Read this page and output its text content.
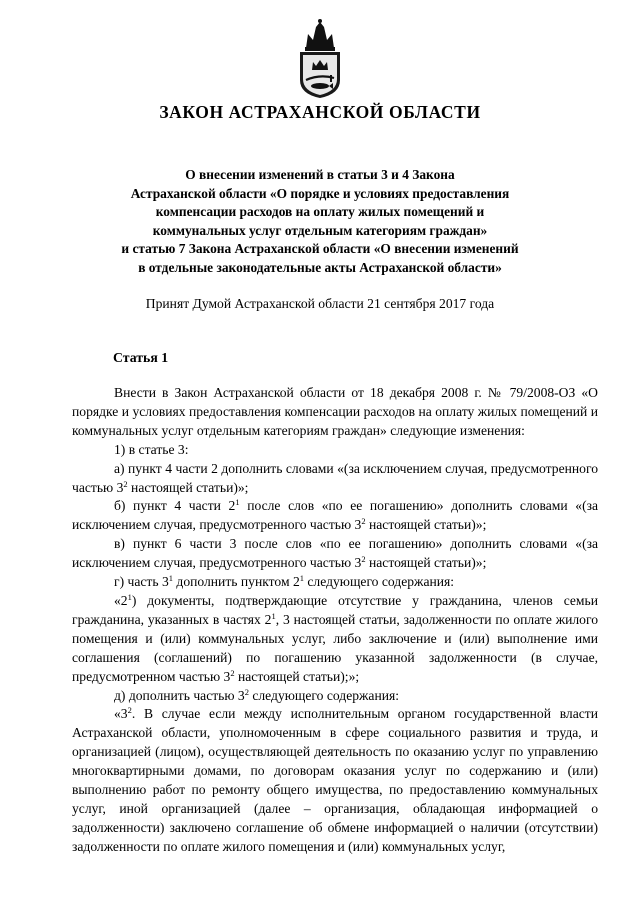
ЗАКОН АСТРАХАНСКОЙ ОБЛАСТИ
О внесении изменений в статьи 3 и 4 Закона
Астраханской области «О порядке и условиях предоставления
компенсации расходов на оплату жилых помещений и
коммунальных услуг отдельным категориям граждан»
и статью 7 Закона Астраханской области «О внесении изменений
в отдельные законодательные акты Астраханской области»
Принят Думой Астраханской области 21 сентября 2017 года
Статья 1

Внести в Закон Астраханской области от 18 декабря 2008 г. № 79/2008-ОЗ «О порядке и условиях предоставления компенсации расходов на оплату жилых помещений и коммунальных услуг отдельным категориям граждан» следующие изменения:

1) в статье 3:

а) пункт 4 части 2 дополнить словами «(за исключением случая, предусмотренного частью $3^2$ настоящей статьи)»;

б) пункт 4 части $2^1$ после слов «по ее погашению» дополнить словами «(за исключением случая, предусмотренного частью $3^2$ настоящей статьи)»;

в) пункт 6 части 3 после слов «по ее погашению» дополнить словами «(за исключением случая, предусмотренного частью $3^2$ настоящей статьи)»;

г) часть $3^1$ дополнить пунктом $2^1$ следующего содержания:

«$2^1$) документы, подтверждающие отсутствие у гражданина, членов семьи гражданина, указанных в частях $2^1$, 3 настоящей статьи, задолженности по оплате жилого помещения и (или) коммунальных услуг, либо заключение и (или) выполнение ими соглашения (соглашений) по погашению указанной задолженности (в случае, предусмотренном частью $3^2$ настоящей статьи);»;

д) дополнить частью $3^2$ следующего содержания:

«$3^2$. В случае если между исполнительным органом государственной власти Астраханской области, уполномоченным в сфере социального развития и труда, и организацией (лицом), осуществляющей деятельность по оказанию услуг по управлению многоквартирными домами, по договорам оказания услуг по содержанию и (или) выполнению работ по ремонту общего имущества, по предоставлению коммунальных услуг, иной организацией (далее – организация, обладающая информацией о задолженности) заключено соглашение об обмене информацией о наличии (отсутствии) задолженности по оплате жилого помещения и (или) коммунальных услуг,
